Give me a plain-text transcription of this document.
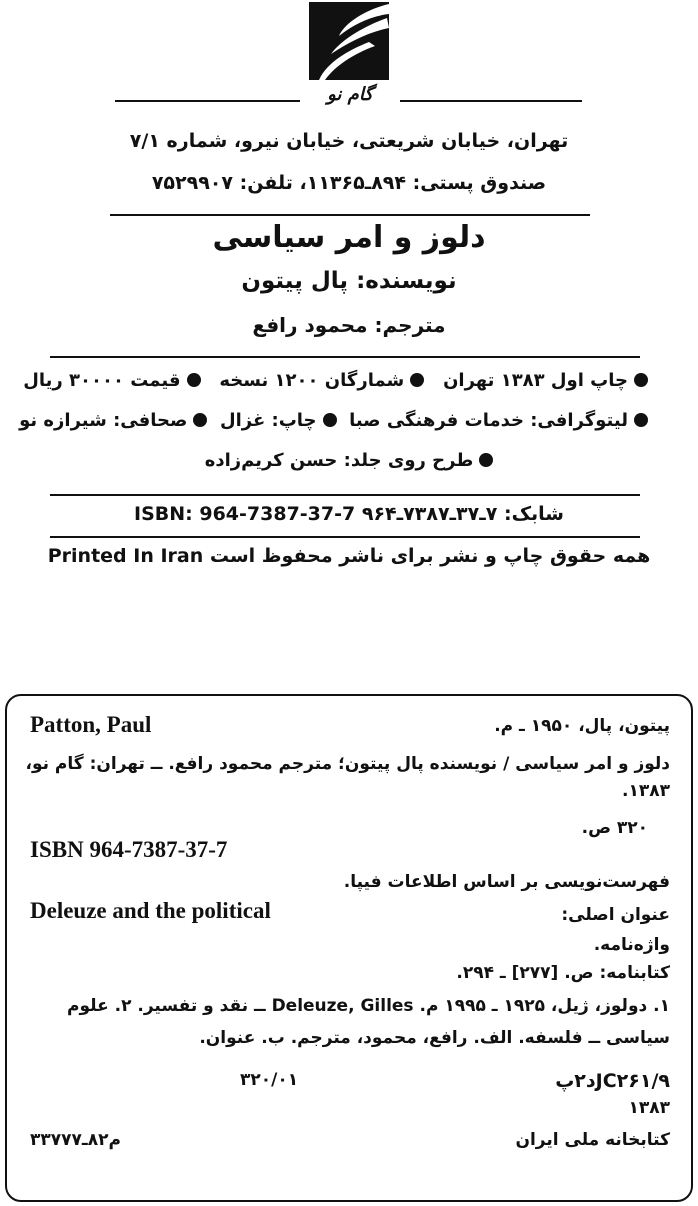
گام نو
تهران، خیابان شریعتی، خیابان نیرو، شماره ۷/۱
صندوق پستی: ۸۹۴ـ۱۱۳۶۵، تلفن: ۷۵۲۹۹۰۷
دلوز و امر سیاسی
نویسنده: پال پیتون
مترجم: محمود رافع
چاپ اول ۱۳۸۳ تهران   شمارگان ۱۲۰۰ نسخه   قیمت ۳۰۰۰۰ ریال
لیتوگرافی: خدمات فرهنگی صبا  چاپ: غزال  صحافی: شیرازه نو
طرح روی جلد: حسن کریم‌زاده
شابک: ۷ـ۳۷ـ۷۳۸۷ـ۹۶۴ ISBN: 964-7387-37-7
همه حقوق چاپ و نشر برای ناشر محفوظ است Printed In Iran
Patton, Paul	پیتون، پال، ۱۹۵۰ ـ م.
دلوز و امر سیاسی / نویسنده پال پیتون؛ مترجم محمود رافع. ــ تهران: گام نو،
۱۳۸۳.
۳۲۰ ص.
ISBN 964-7387-37-7
فهرست‌نویسی بر اساس اطلاعات فیپا.
Deleuze and the political	عنوان اصلی:
واژه‌نامه.
کتابنامه: ص. [۲۷۷] ـ ۲۹۴.
۱. دولوز، ژیل، ۱۹۲۵ ـ ۱۹۹۵ م. Deleuze, Gilles ــ نقد و تفسیر. ۲. علوم
سیاسی ــ فلسفه. الف. رافع، محمود، مترجم. ب. عنوان.
JC۲۶۱/۹د۲پ
۳۲۰/۰۱
۱۳۸۳
کتابخانه ملی ایران
م۸۲ـ۳۳۷۷۷
